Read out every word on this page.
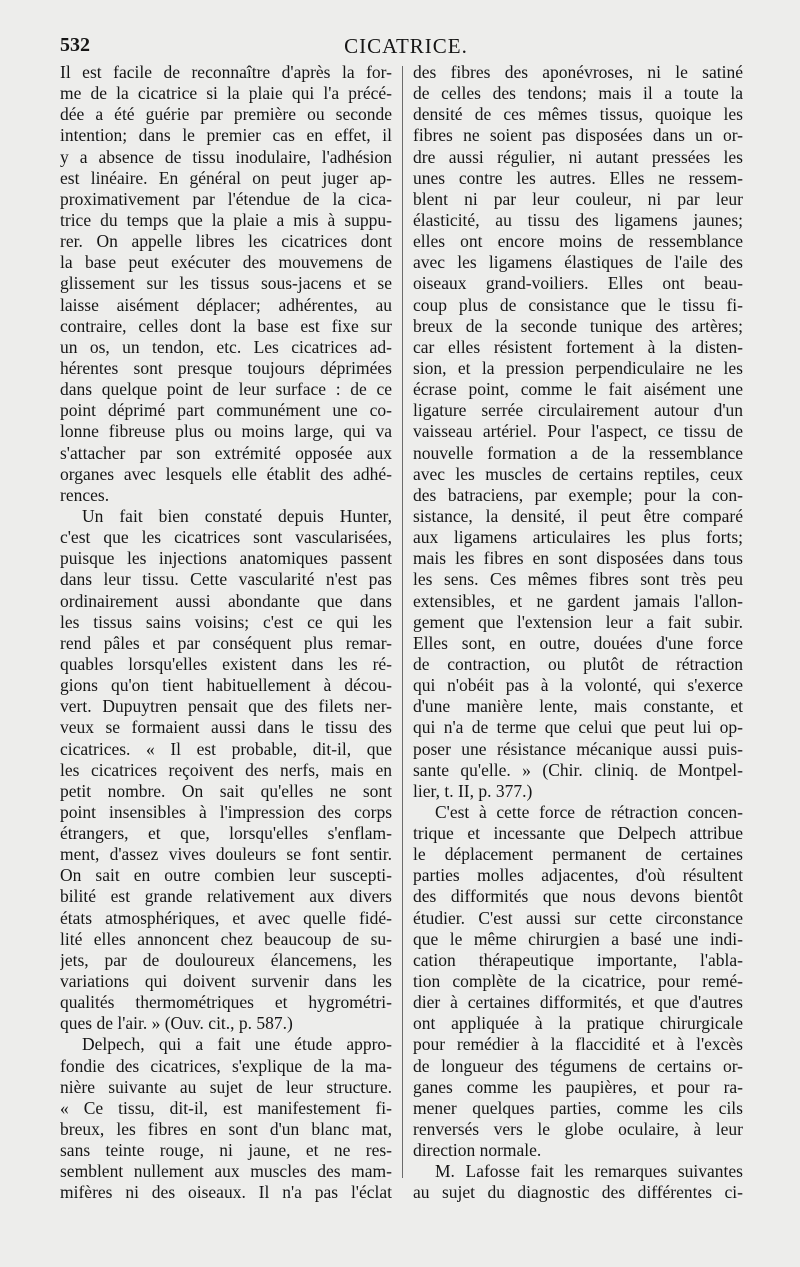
532	CICATRICE.
Il est facile de reconnaître d'après la for-
me de la cicatrice si la plaie qui l'a précé-
dée a été guérie par première ou seconde
intention; dans le premier cas en effet, il
y a absence de tissu inodulaire, l'adhésion
est linéaire. En général on peut juger ap-
proximativement par l'étendue de la cica-
trice du temps que la plaie a mis à suppu-
rer. On appelle libres les cicatrices dont
la base peut exécuter des mouvemens de
glissement sur les tissus sous-jacens et se
laisse aisément déplacer; adhérentes, au
contraire, celles dont la base est fixe sur
un os, un tendon, etc. Les cicatrices ad-
hérentes sont presque toujours déprimées
dans quelque point de leur surface : de ce
point déprimé part communément une co-
lonne fibreuse plus ou moins large, qui va
s'attacher par son extrémité opposée aux
organes avec lesquels elle établit des adhé-
rences.
Un fait bien constaté depuis Hunter,
c'est que les cicatrices sont vascularisées,
puisque les injections anatomiques passent
dans leur tissu. Cette vascularité n'est pas
ordinairement aussi abondante que dans
les tissus sains voisins; c'est ce qui les
rend pâles et par conséquent plus remar-
quables lorsqu'elles existent dans les ré-
gions qu'on tient habituellement à décou-
vert. Dupuytren pensait que des filets ner-
veux se formaient aussi dans le tissu des
cicatrices. « Il est probable, dit-il, que
les cicatrices reçoivent des nerfs, mais en
petit nombre. On sait qu'elles ne sont
point insensibles à l'impression des corps
étrangers, et que, lorsqu'elles s'enflam-
ment, d'assez vives douleurs se font sentir.
On sait en outre combien leur suscepti-
bilité est grande relativement aux divers
états atmosphériques, et avec quelle fidé-
lité elles annoncent chez beaucoup de su-
jets, par de douloureux élancemens, les
variations qui doivent survenir dans les
qualités thermométriques et hygrométri-
ques de l'air. » (Ouv. cit., p. 587.)
Delpech, qui a fait une étude appro-
fondie des cicatrices, s'explique de la ma-
nière suivante au sujet de leur structure.
« Ce tissu, dit-il, est manifestement fi-
breux, les fibres en sont d'un blanc mat,
sans teinte rouge, ni jaune, et ne res-
semblent nullement aux muscles des mam-
mifères ni des oiseaux. Il n'a pas l'éclat
des fibres des aponévroses, ni le satiné
de celles des tendons; mais il a toute la
densité de ces mêmes tissus, quoique les
fibres ne soient pas disposées dans un or-
dre aussi régulier, ni autant pressées les
unes contre les autres. Elles ne ressem-
blent ni par leur couleur, ni par leur
élasticité, au tissu des ligamens jaunes;
elles ont encore moins de ressemblance
avec les ligamens élastiques de l'aile des
oiseaux grand-voiliers. Elles ont beau-
coup plus de consistance que le tissu fi-
breux de la seconde tunique des artères;
car elles résistent fortement à la disten-
sion, et la pression perpendiculaire ne les
écrase point, comme le fait aisément une
ligature serrée circulairement autour d'un
vaisseau artériel. Pour l'aspect, ce tissu de
nouvelle formation a de la ressemblance
avec les muscles de certains reptiles, ceux
des batraciens, par exemple; pour la con-
sistance, la densité, il peut être comparé
aux ligamens articulaires les plus forts;
mais les fibres en sont disposées dans tous
les sens. Ces mêmes fibres sont très peu
extensibles, et ne gardent jamais l'allon-
gement que l'extension leur a fait subir.
Elles sont, en outre, douées d'une force
de contraction, ou plutôt de rétraction
qui n'obéit pas à la volonté, qui s'exerce
d'une manière lente, mais constante, et
qui n'a de terme que celui que peut lui op-
poser une résistance mécanique aussi puis-
sante qu'elle. » (Chir. cliniq. de Montpel-
lier, t. II, p. 377.)
C'est à cette force de rétraction concen-
trique et incessante que Delpech attribue
le déplacement permanent de certaines
parties molles adjacentes, d'où résultent
des difformités que nous devons bientôt
étudier. C'est aussi sur cette circonstance
que le même chirurgien a basé une indi-
cation thérapeutique importante, l'abla-
tion complète de la cicatrice, pour remé-
dier à certaines difformités, et que d'autres
ont appliquée à la pratique chirurgicale
pour remédier à la flaccidité et à l'excès
de longueur des tégumens de certains or-
ganes comme les paupières, et pour ra-
mener quelques parties, comme les cils
renversés vers le globe oculaire, à leur
direction normale.
M. Lafosse fait les remarques suivantes
au sujet du diagnostic des différentes ci-
